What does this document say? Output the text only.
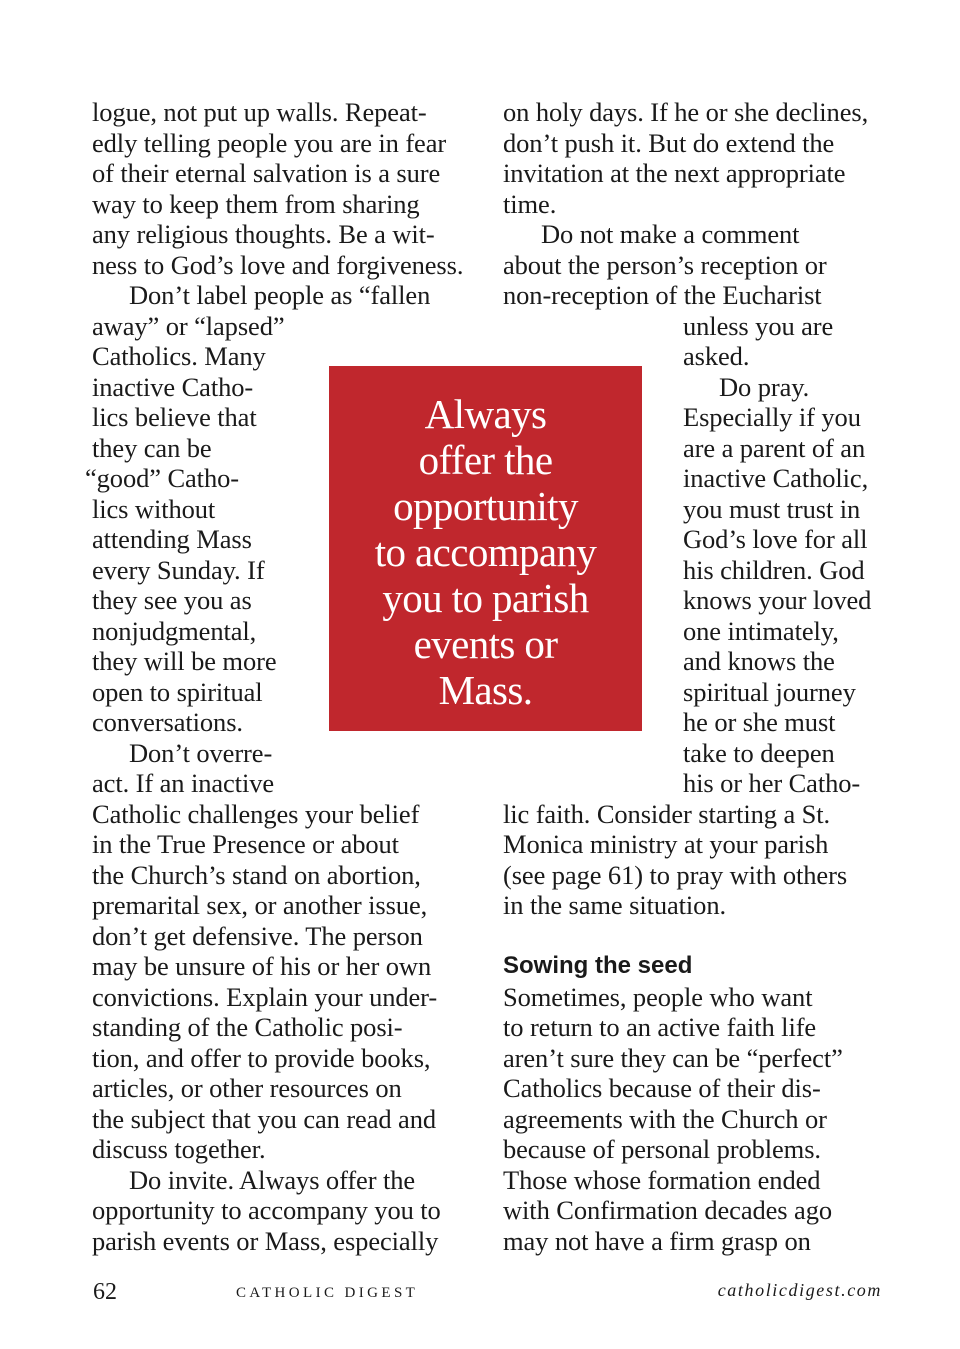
logue, not put up walls. Repeat-
edly telling people you are in fear
of their eternal salvation is a sure
way to keep them from sharing
any religious thoughts. Be a wit-
ness to God’s love and forgiveness.
Don’t label people as “fallen
away” or “lapsed”
Catholics. Many
inactive Catho-
lics believe that
they can be
“good” Catho-
lics without
attending Mass
every Sunday. If
they see you as
nonjudgmental,
they will be more
open to spiritual
conversations.
Don’t overre-
act. If an inactive
Catholic challenges your belief
in the True Presence or about
the Church’s stand on abortion,
premarital sex, or another issue,
don’t get defensive. The person
may be unsure of his or her own
convictions. Explain your under-
standing of the Catholic posi-
tion, and offer to provide books,
articles, or other resources on
the subject that you can read and
discuss together.
Do invite. Always offer the
opportunity to accompany you to
parish events or Mass, especially
Always
offer the
opportunity
to accompany
you to parish
events or
Mass.
on holy days. If he or she declines,
don’t push it. But do extend the
invitation at the next appropriate
time.
Do not make a comment
about the person’s reception or
non-reception of the Eucharist
unless you are
asked.
Do pray.
Especially if you
are a parent of an
inactive Catholic,
you must trust in
God’s love for all
his children. God
knows your loved
one intimately,
and knows the
spiritual journey
he or she must
take to deepen
his or her Catho-
lic faith. Consider starting a St.
Monica ministry at your parish
(see page 61) to pray with others
in the same situation.
Sowing the seed
Sometimes, people who want
to return to an active faith life
aren’t sure they can be “perfect”
Catholics because of their dis-
agreements with the Church or
because of personal problems.
Those whose formation ended
with Confirmation decades ago
may not have a firm grasp on
62	CATHOLIC DIGEST	catholicdigest.com
